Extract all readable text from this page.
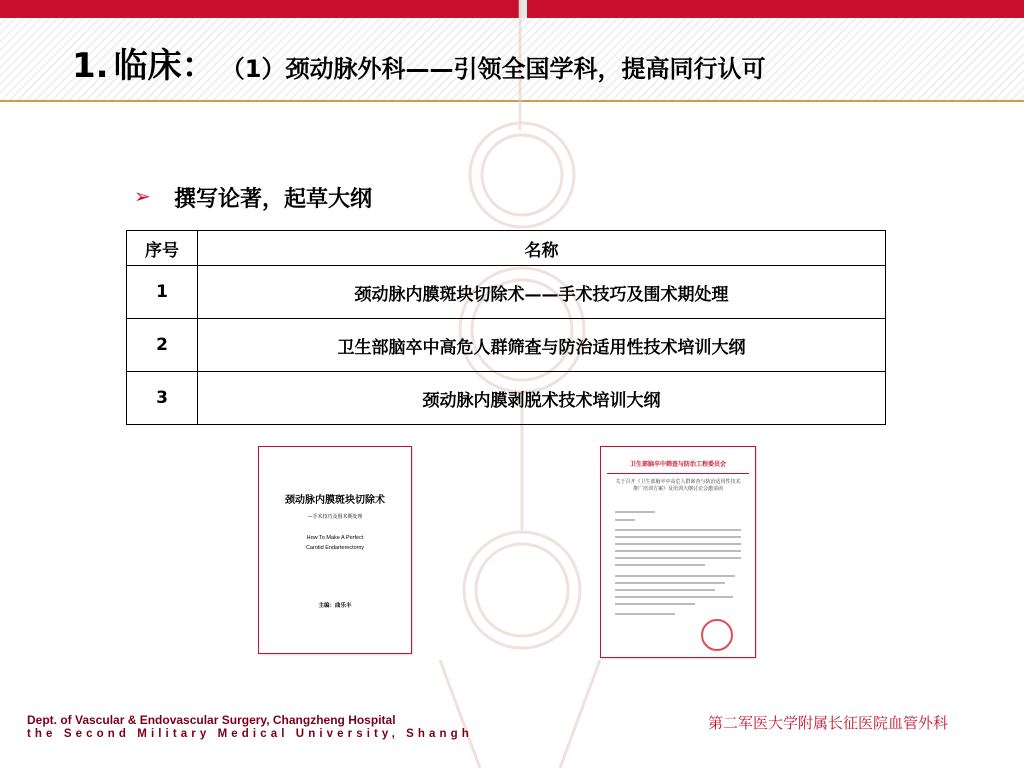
1. 临床： （1）颈动脉外科——引领全国学科，提高同行认可
➢ 撰写论著，起草大纲
序号	名称
1	颈动脉内膜斑块切除术——手术技巧及围术期处理
2	卫生部脑卒中高危人群筛查与防治适用性技术培训大纲
3	颈动脉内膜剥脱术技术培训大纲
颈动脉内膜斑块切除术
—手术技巧及围术期处理
How To Make A Perfect
Carotid Endarterectomy
主编：曲乐丰
卫生部脑卒中筛查与防治工程委员会
关于召开《卫生部脑卒中高危人群筛查与防治适用性技术推广培训方案》及培训大纲讨论会邀请函
Dept. of Vascular & Endovascular Surgery, Changzheng Hospital
the Second Military Medical University, Shangh
第二军医大学附属长征医院血管外科
